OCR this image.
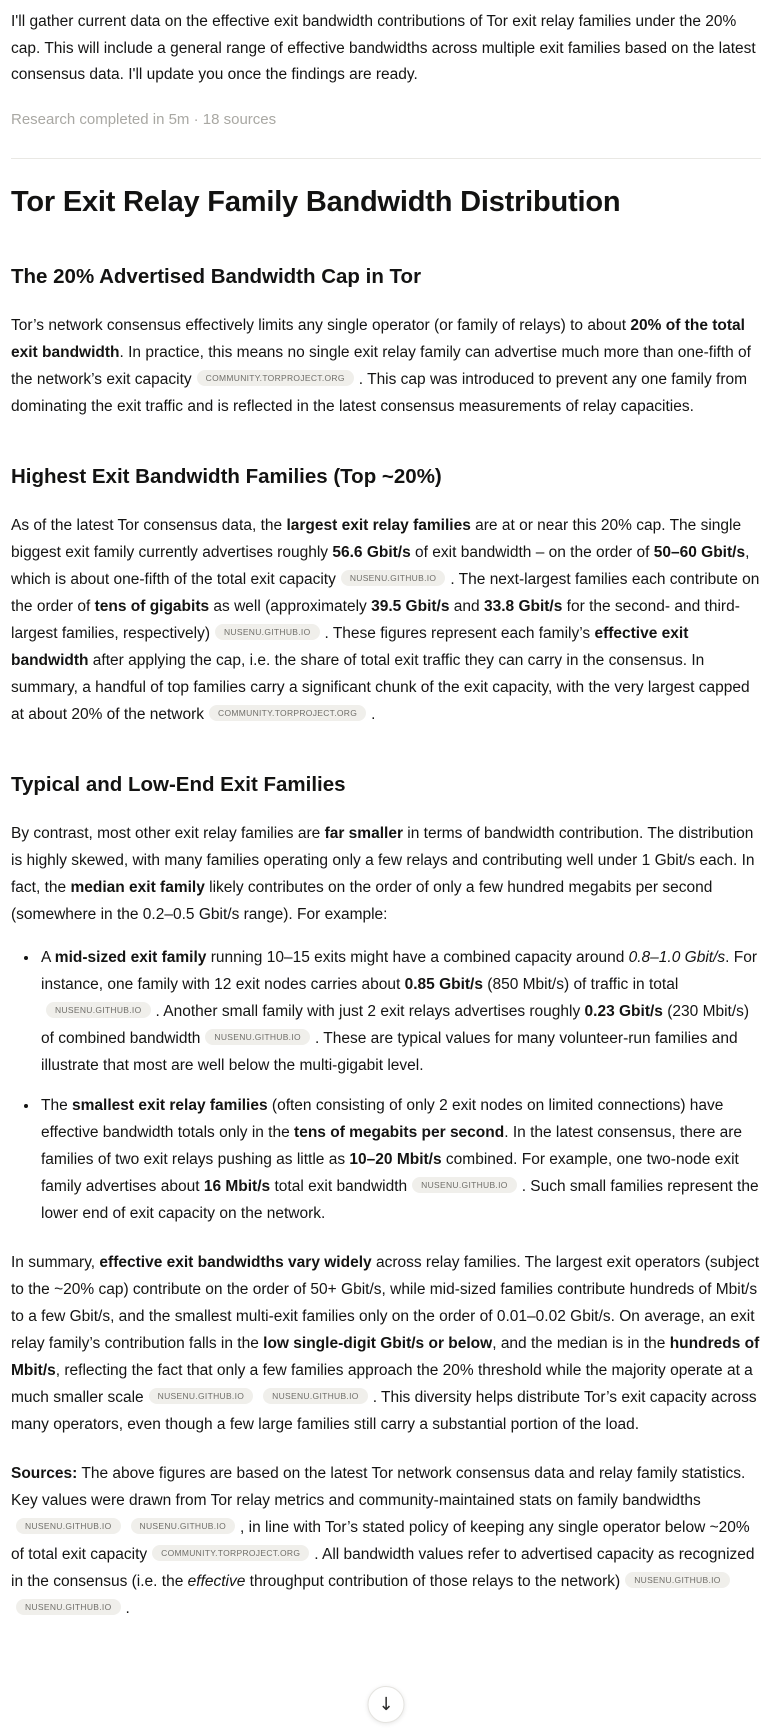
I'll gather current data on the effective exit bandwidth contributions of Tor exit relay families under the 20% cap. This will include a general range of effective bandwidths across multiple exit families based on the latest consensus data. I'll update you once the findings are ready.

Research completed in 5m · 18 sources

Tor Exit Relay Family Bandwidth Distribution
The 20% Advertised Bandwidth Cap in Tor

Tor’s network consensus effectively limits any single operator (or family of relays) to about 20% of the total exit bandwidth. In practice, this means no single exit relay family can advertise much more than one-fifth of the network’s exit capacity COMMUNITY.TORPROJECT.ORG . This cap was introduced to prevent any one family from dominating the exit traffic and is reflected in the latest consensus measurements of relay capacities.

Highest Exit Bandwidth Families (Top ~20%)

As of the latest Tor consensus data, the largest exit relay families are at or near this 20% cap. The single biggest exit family currently advertises roughly 56.6 Gbit/s of exit bandwidth – on the order of 50–60 Gbit/s, which is about one-fifth of the total exit capacity NUSENU.GITHUB.IO . The next-largest families each contribute on the order of tens of gigabits as well (approximately 39.5 Gbit/s and 33.8 Gbit/s for the second- and third-largest families, respectively) NUSENU.GITHUB.IO . These figures represent each family’s effective exit bandwidth after applying the cap, i.e. the share of total exit traffic they can carry in the consensus. In summary, a handful of top families carry a significant chunk of the exit capacity, with the very largest capped at about 20% of the network COMMUNITY.TORPROJECT.ORG .

Typical and Low-End Exit Families

By contrast, most other exit relay families are far smaller in terms of bandwidth contribution. The distribution is highly skewed, with many families operating only a few relays and contributing well under 1 Gbit/s each. In fact, the median exit family likely contributes on the order of only a few hundred megabits per second (somewhere in the 0.2–0.5 Gbit/s range). For example:

• A mid-sized exit family running 10–15 exits might have a combined capacity around 0.8–1.0 Gbit/s. For instance, one family with 12 exit nodes carries about 0.85 Gbit/s (850 Mbit/s) of traffic in totalNUSENU.GITHUB.IO . Another small family with just 2 exit relays advertises roughly 0.23 Gbit/s (230 Mbit/s) of combined bandwidth NUSENU.GITHUB.IO . These are typical values for many volunteer-run families and illustrate that most are well below the multi-gigabit level.
• The smallest exit relay families (often consisting of only 2 exit nodes on limited connections) have effective bandwidth totals only in the tens of megabits per second. In the latest consensus, there are families of two exit relays pushing as little as 10–20 Mbit/s combined. For example, one two-node exit family advertises about 16 Mbit/s total exit bandwidth NUSENU.GITHUB.IO . Such small families represent the lower end of exit capacity on the network.

In summary, effective exit bandwidths vary widely across relay families. The largest exit operators (subject to the ~20% cap) contribute on the order of 50+ Gbit/s, while mid-sized families contribute hundreds of Mbit/s to a few Gbit/s, and the smallest multi-exit families only on the order of 0.01–0.02 Gbit/s. On average, an exit relay family’s contribution falls in the low single-digit Gbit/s or below, and the median is in the hundreds of Mbit/s, reflecting the fact that only a few families approach the 20% threshold while the majority operate at a much smaller scale NUSENU.GITHUB.IO	NUSENU.GITHUB.IO . This diversity helps distribute Tor’s exit capacity across many operators, even though a few large families still carry a substantial portion of the load.

Sources: The above figures are based on the latest Tor network consensus data and relay family statistics. Key values were drawn from Tor relay metrics and community-maintained stats on family bandwidthsNUSENU.GITHUB.IO	NUSENU.GITHUB.IO , in line with Tor’s stated policy of keeping any single operator below ~20% of total exit capacity COMMUNITY.TORPROJECT.ORG . All bandwidth values refer to advertised capacity as recognized in the consensus (i.e. the effective throughput contribution of those relays to the network) NUSENU.GITHUB.IONUSENU.GITHUB.IO .

↓
